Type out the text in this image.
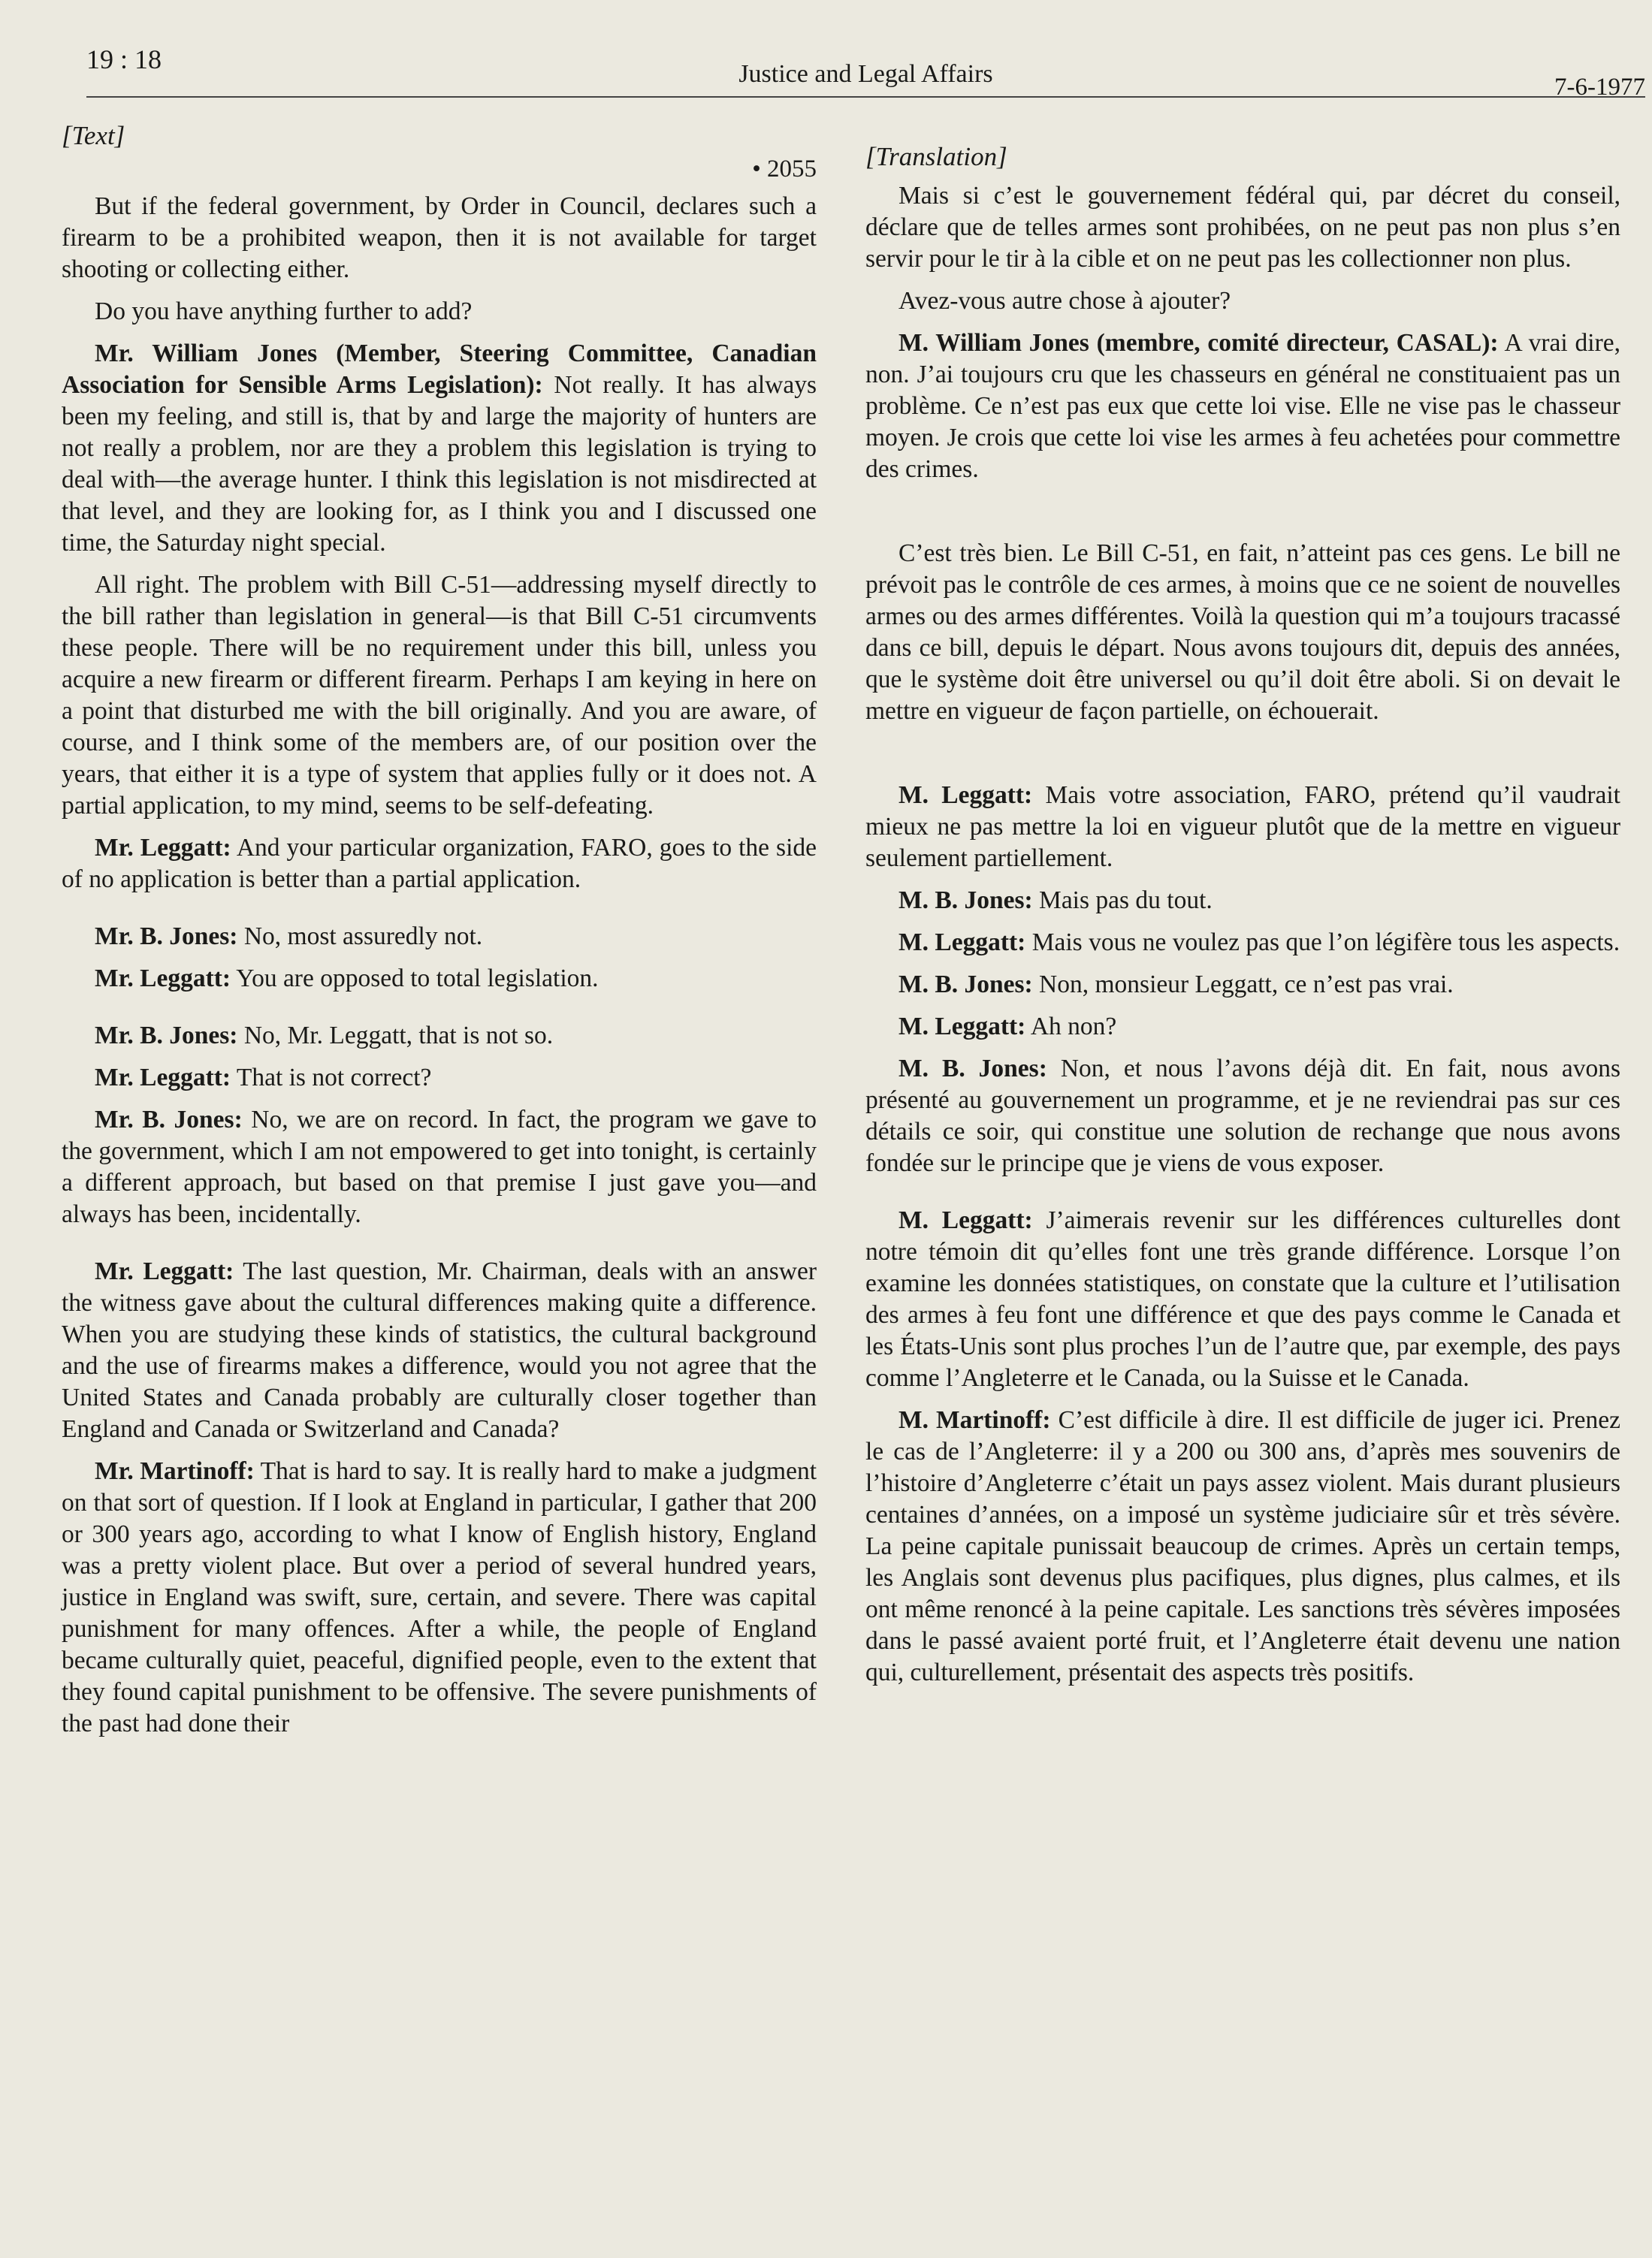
19 : 18	Justice and Legal Affairs	7-6-1977
[Text]
• 2055

But if the federal government, by Order in Council, declares such a firearm to be a prohibited weapon, then it is not available for target shooting or collecting either.

Do you have anything further to add?

Mr. William Jones (Member, Steering Committee, Canadian Association for Sensible Arms Legislation): Not really. It has always been my feeling, and still is, that by and large the majority of hunters are not really a problem, nor are they a problem this legislation is trying to deal with—the average hunter. I think this legislation is not misdirected at that level, and they are looking for, as I think you and I discussed one time, the Saturday night special.

All right. The problem with Bill C-51—addressing myself directly to the bill rather than legislation in general—is that Bill C-51 circumvents these people. There will be no requirement under this bill, unless you acquire a new firearm or different firearm. Perhaps I am keying in here on a point that disturbed me with the bill originally. And you are aware, of course, and I think some of the members are, of our position over the years, that either it is a type of system that applies fully or it does not. A partial application, to my mind, seems to be self-defeating.

Mr. Leggatt: And your particular organization, FARO, goes to the side of no application is better than a partial application.

Mr. B. Jones: No, most assuredly not.

Mr. Leggatt: You are opposed to total legislation.

Mr. B. Jones: No, Mr. Leggatt, that is not so.

Mr. Leggatt: That is not correct?

Mr. B. Jones: No, we are on record. In fact, the program we gave to the government, which I am not empowered to get into tonight, is certainly a different approach, but based on that premise I just gave you—and always has been, incidentally.

Mr. Leggatt: The last question, Mr. Chairman, deals with an answer the witness gave about the cultural differences making quite a difference. When you are studying these kinds of statistics, the cultural background and the use of firearms makes a difference, would you not agree that the United States and Canada probably are culturally closer together than England and Canada or Switzerland and Canada?

Mr. Martinoff: That is hard to say. It is really hard to make a judgment on that sort of question. If I look at England in particular, I gather that 200 or 300 years ago, according to what I know of English history, England was a pretty violent place. But over a period of several hundred years, justice in England was swift, sure, certain, and severe. There was capital punishment for many offences. After a while, the people of England became culturally quiet, peaceful, dignified people, even to the extent that they found capital punishment to be offensive. The severe punishments of the past had done their

[Translation]

Mais si c’est le gouvernement fédéral qui, par décret du conseil, déclare que de telles armes sont prohibées, on ne peut pas non plus s’en servir pour le tir à la cible et on ne peut pas les collectionner non plus.

Avez-vous autre chose à ajouter?

M. William Jones (membre, comité directeur, CASAL): A vrai dire, non. J’ai toujours cru que les chasseurs en général ne constituaient pas un problème. Ce n’est pas eux que cette loi vise. Elle ne vise pas le chasseur moyen. Je crois que cette loi vise les armes à feu achetées pour commettre des crimes.

C’est très bien. Le Bill C-51, en fait, n’atteint pas ces gens. Le bill ne prévoit pas le contrôle de ces armes, à moins que ce ne soient de nouvelles armes ou des armes différentes. Voilà la question qui m’a toujours tracassé dans ce bill, depuis le départ. Nous avons toujours dit, depuis des années, que le système doit être universel ou qu’il doit être aboli. Si on devait le mettre en vigueur de façon partielle, on échouerait.

M. Leggatt: Mais votre association, FARO, prétend qu’il vaudrait mieux ne pas mettre la loi en vigueur plutôt que de la mettre en vigueur seulement partiellement.

M. B. Jones: Mais pas du tout.

M. Leggatt: Mais vous ne voulez pas que l’on légifère tous les aspects.

M. B. Jones: Non, monsieur Leggatt, ce n’est pas vrai.

M. Leggatt: Ah non?

M. B. Jones: Non, et nous l’avons déjà dit. En fait, nous avons présenté au gouvernement un programme, et je ne reviendrai pas sur ces détails ce soir, qui constitue une solution de rechange que nous avons fondée sur le principe que je viens de vous exposer.

M. Leggatt: J’aimerais revenir sur les différences culturelles dont notre témoin dit qu’elles font une très grande différence. Lorsque l’on examine les données statistiques, on constate que la culture et l’utilisation des armes à feu font une différence et que des pays comme le Canada et les États-Unis sont plus proches l’un de l’autre que, par exemple, des pays comme l’Angleterre et le Canada, ou la Suisse et le Canada.

M. Martinoff: C’est difficile à dire. Il est difficile de juger ici. Prenez le cas de l’Angleterre: il y a 200 ou 300 ans, d’après mes souvenirs de l’histoire d’Angleterre c’était un pays assez violent. Mais durant plusieurs centaines d’années, on a imposé un système judiciaire sûr et très sévère. La peine capitale punissait beaucoup de crimes. Après un certain temps, les Anglais sont devenus plus pacifiques, plus dignes, plus calmes, et ils ont même renoncé à la peine capitale. Les sanctions très sévères imposées dans le passé avaient porté fruit, et l’Angleterre était devenu une nation qui, culturellement, présentait des aspects très positifs.
